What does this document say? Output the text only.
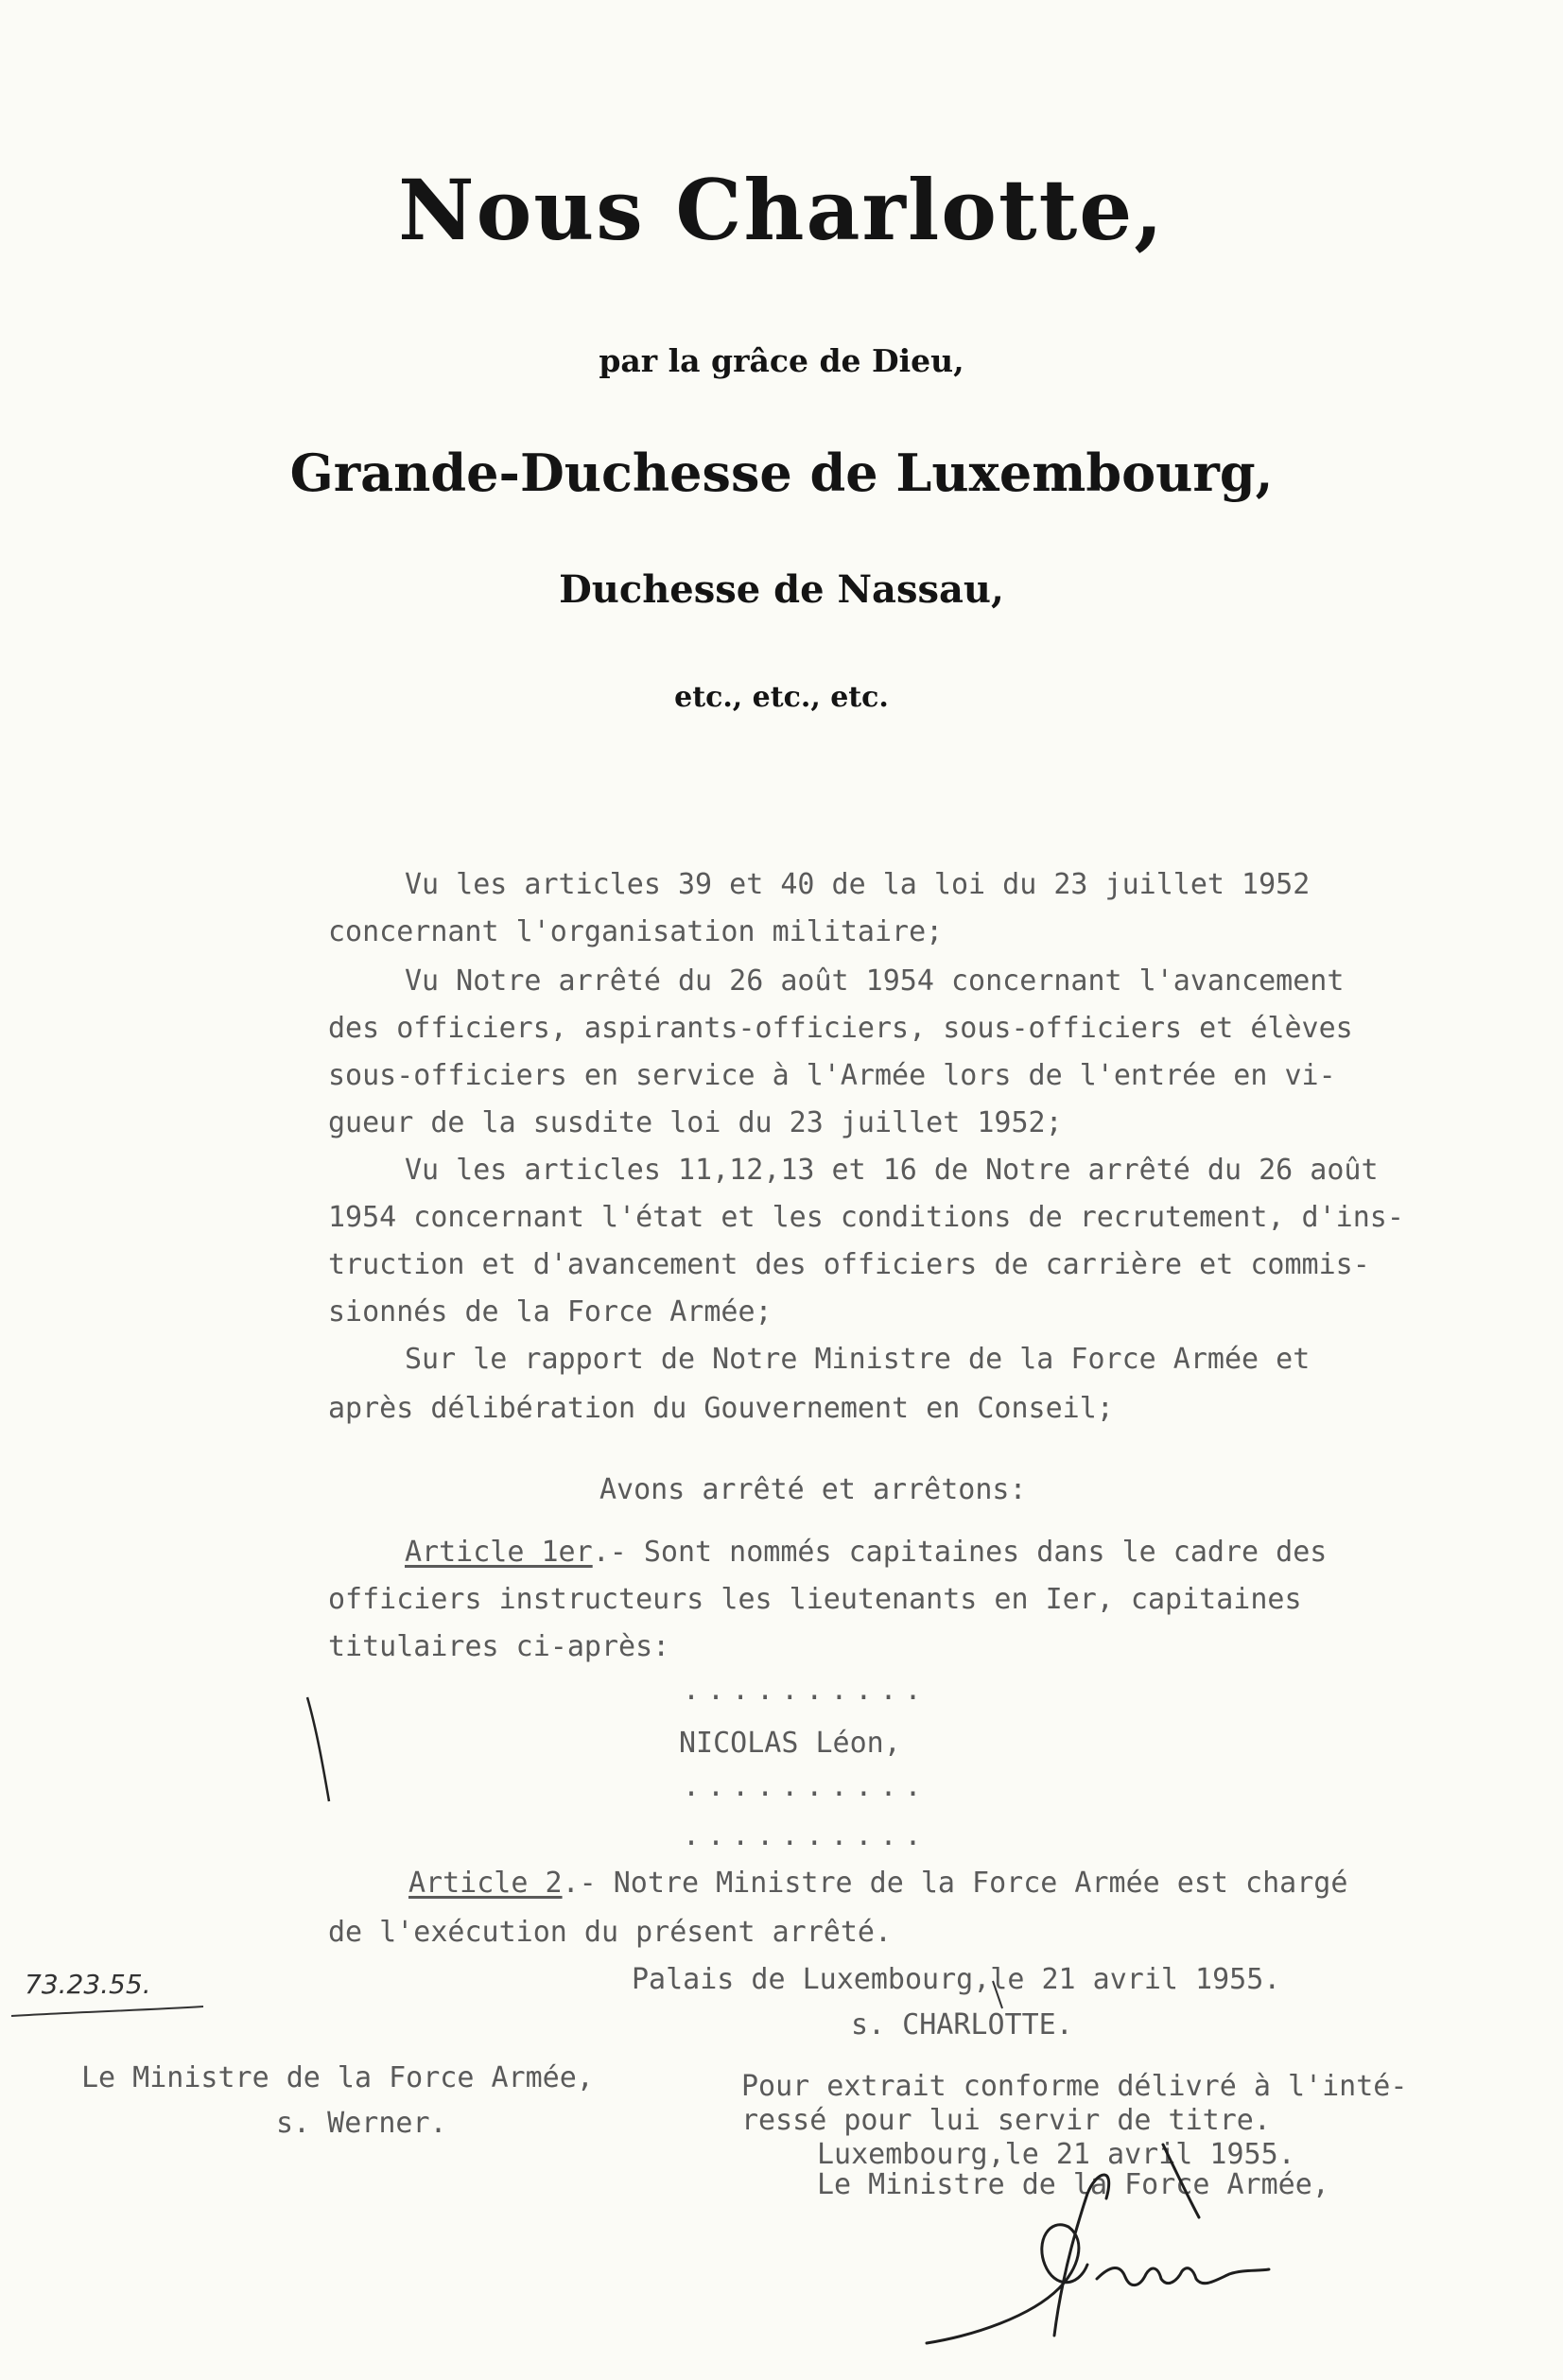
Nous Charlotte,
par la grâce de Dieu,
Grande-Duchesse de Luxembourg,
Duchesse de Nassau,
etc., etc., etc.
Vu les articles 39 et 40 de la loi du 23 juillet 1952
concernant l'organisation militaire;
Vu Notre arrêté du 26 août 1954 concernant l'avancement
des officiers, aspirants-officiers, sous-officiers et élèves
sous-officiers en service à l'Armée lors de l'entrée en vi-
gueur de la susdite loi du 23 juillet 1952;
Vu les articles 11,12,13 et 16 de Notre arrêté du 26 août
1954 concernant l'état et les conditions de recrutement, d'ins-
truction et d'avancement des officiers de carrière et commis-
sionnés de la Force Armée;
Sur le rapport de Notre Ministre de la Force Armée et
après délibération du Gouvernement en Conseil;
Avons arrêté et arrêtons:
Article 1er.- Sont nommés capitaines dans le cadre des
officiers instructeurs les lieutenants en Ier, capitaines
titulaires ci-après:
..........
NICOLAS Léon,
..........
..........
Article 2.- Notre Ministre de la Force Armée est chargé
de l'exécution du présent arrêté.
Palais de Luxembourg,le 21 avril 1955.
s. CHARLOTTE.
73.23.55.
Le Ministre de la Force Armée,
s. Werner.
Pour extrait conforme délivré à l'inté-
ressé pour lui servir de titre.
Luxembourg,le 21 avril 1955.
Le Ministre de la Force Armée,
